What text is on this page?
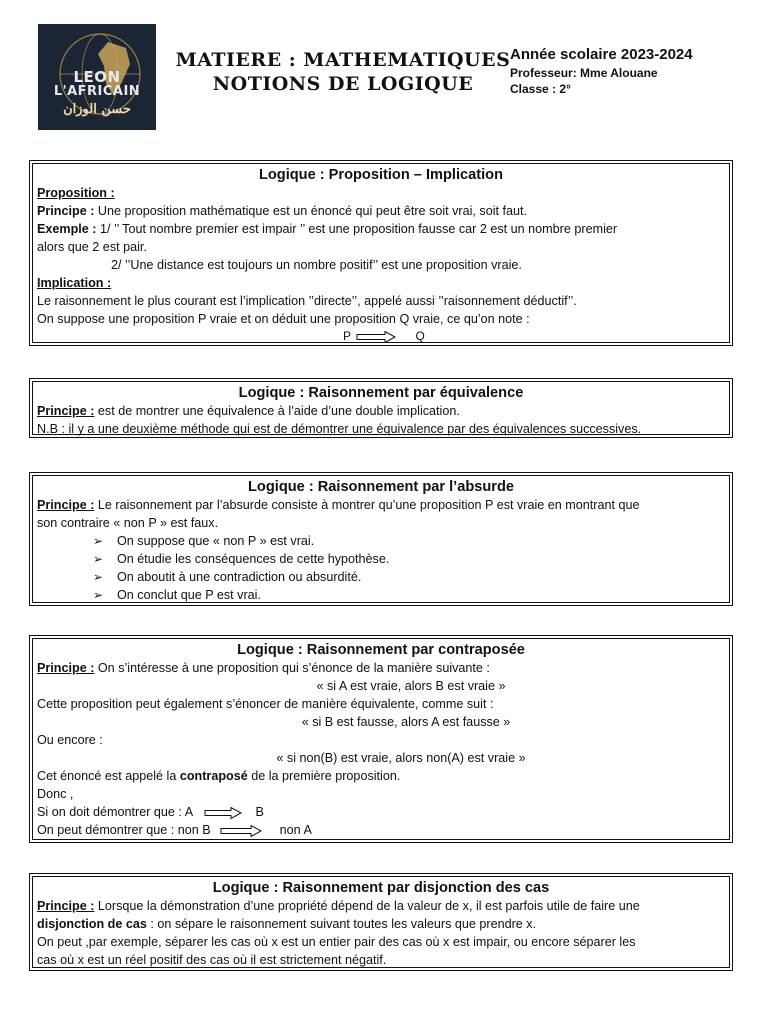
LEON
L'AFRICAIN
حسن الوزان
MATIERE : MATHEMATIQUES
NOTIONS DE LOGIQUE
Année scolaire 2023-2024
Professeur: Mme Alouane
Classe : 2°
Logique : Proposition – Implication
Proposition :
Principe : Une proposition mathématique est un énoncé qui peut être soit vrai, soit faut.
Exemple : 1/ ’’ Tout nombre premier est impair ’’ est une proposition fausse car 2 est un nombre premier
alors que 2 est pair.
2/ ’’Une distance est toujours un nombre positif’’ est une proposition vraie.
Implication :
Le raisonnement le plus courant est l’implication ’’directe’’, appelé aussi ’’raisonnement déductif’’.
On suppose une proposition P vraie et on déduit une proposition Q vraie, ce qu’on note :
P	Q
Logique : Raisonnement par équivalence
Principe : est de montrer une équivalence à l’aide d’une double implication.
N.B : il y a une deuxième méthode qui est de démontrer une équivalence par des équivalences successives.
Logique : Raisonnement par l’absurde
Principe : Le raisonnement par l’absurde consiste à montrer qu’une proposition P est vraie en montrant que
son contraire « non P » est faux.
➢ On suppose que « non P » est vrai.
➢ On étudie les conséquences de cette hypothèse.
➢ On aboutit à une contradiction ou absurdité.
➢ On conclut que P est vrai.
Logique : Raisonnement par contraposée
Principe : On s’intéresse à une proposition qui s’énonce de la manière suivante :
« si A est vraie, alors B est vraie »
Cette proposition peut également s’énoncer de manière équivalente, comme suit :
« si B est fausse, alors A est fausse »
Ou encore :
« si non(B) est vraie, alors non(A) est vraie »
Cet énoncé est appelé la contraposé de la première proposition.
Donc ,
Si on doit démontrer que : A	B
On peut démontrer que : non B	non A
Logique : Raisonnement par disjonction des cas
Principe : Lorsque la démonstration d’une propriété dépend de la valeur de x, il est parfois utile de faire une
disjonction de cas : on sépare le raisonnement suivant toutes les valeurs que prendre x.
On peut ,par exemple, séparer les cas où x est un entier pair des cas où x est impair, ou encore séparer les
cas où x est un réel positif des cas où il est strictement négatif.
